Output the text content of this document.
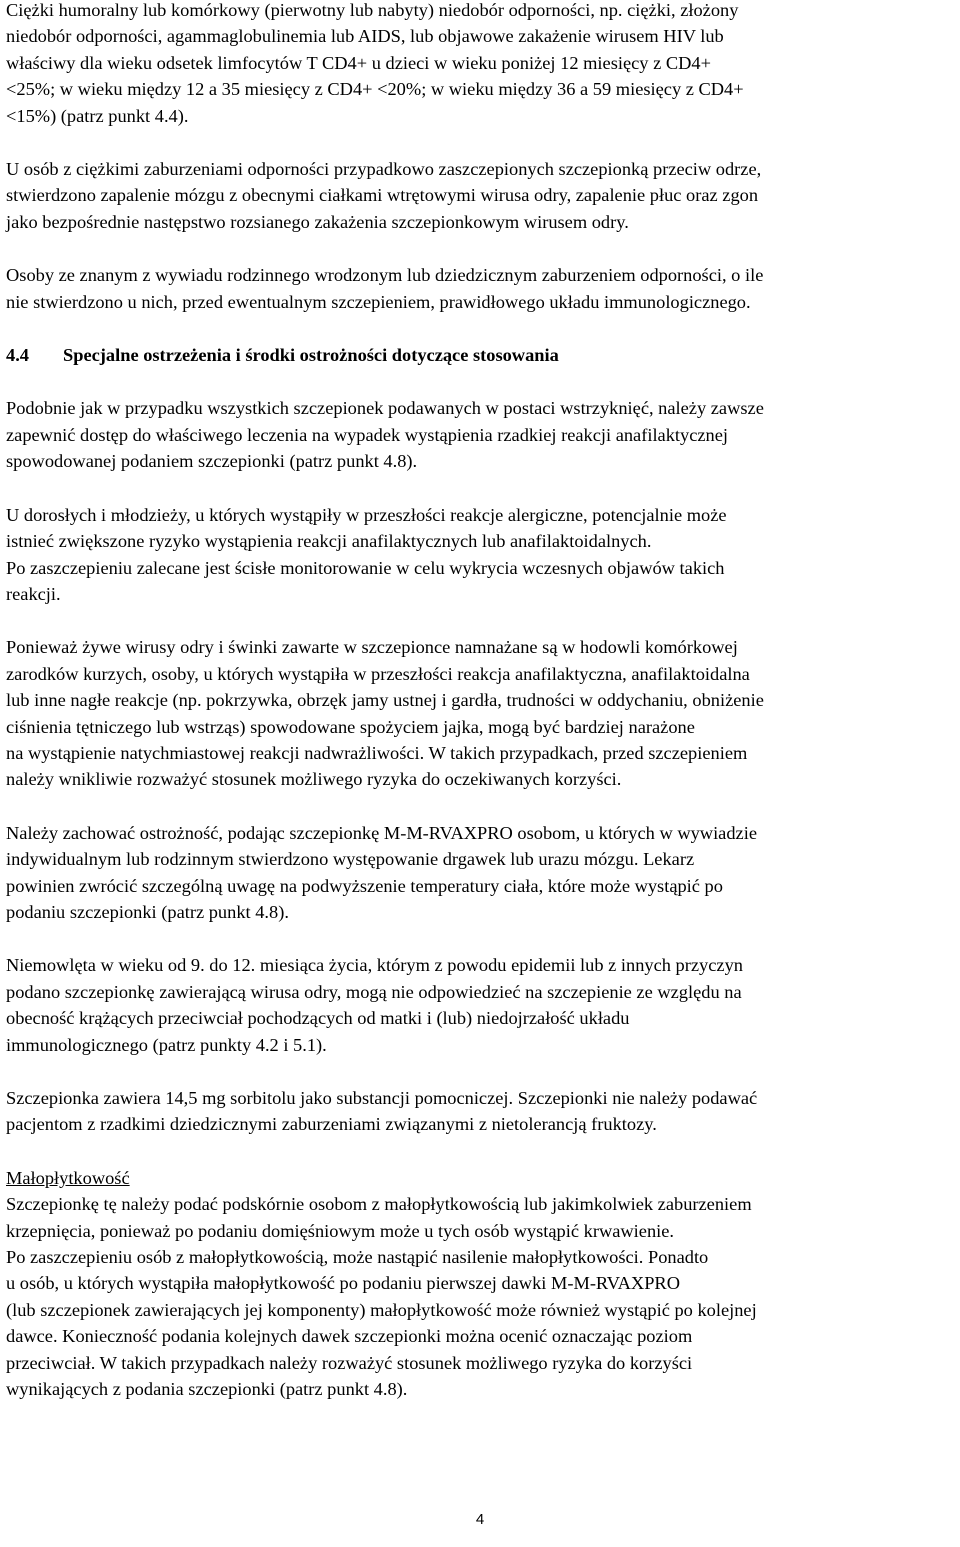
Ciężki humoralny lub komórkowy (pierwotny lub nabyty) niedobór odporności, np. ciężki, złożony
niedobór odporności, agammaglobulinemia lub AIDS, lub objawowe zakażenie wirusem HIV lub
właściwy dla wieku odsetek limfocytów T CD4+ u dzieci w wieku poniżej 12 miesięcy z CD4+
<25%; w wieku między 12 a 35 miesięcy z CD4+ <20%; w wieku między 36 a 59 miesięcy z CD4+
<15%) (patrz punkt 4.4).

U osób z ciężkimi zaburzeniami odporności przypadkowo zaszczepionych szczepionką przeciw odrze,
stwierdzono zapalenie mózgu z obecnymi ciałkami wtrętowymi wirusa odry, zapalenie płuc oraz zgon
jako bezpośrednie następstwo rozsianego zakażenia szczepionkowym wirusem odry.

Osoby ze znanym z wywiadu rodzinnego wrodzonym lub dziedzicznym zaburzeniem odporności, o ile
nie stwierdzono u nich, przed ewentualnym szczepieniem, prawidłowego układu immunologicznego.

4.4 Specjalne ostrzeżenia i środki ostrożności dotyczące stosowania

Podobnie jak w przypadku wszystkich szczepionek podawanych w postaci wstrzyknięć, należy zawsze
zapewnić dostęp do właściwego leczenia na wypadek wystąpienia rzadkiej reakcji anafilaktycznej
spowodowanej podaniem szczepionki (patrz punkt 4.8).

U dorosłych i młodzieży, u których wystąpiły w przeszłości reakcje alergiczne, potencjalnie może
istnieć zwiększone ryzyko wystąpienia reakcji anafilaktycznych lub anafilaktoidalnych.
Po zaszczepieniu zalecane jest ścisłe monitorowanie w celu wykrycia wczesnych objawów takich
reakcji.

Ponieważ żywe wirusy odry i świnki zawarte w szczepionce namnażane są w hodowli komórkowej
zarodków kurzych, osoby, u których wystąpiła w przeszłości reakcja anafilaktyczna, anafilaktoidalna
lub inne nagłe reakcje (np. pokrzywka, obrzęk jamy ustnej i gardła, trudności w oddychaniu, obniżenie
ciśnienia tętniczego lub wstrząs) spowodowane spożyciem jajka, mogą być bardziej narażone
na wystąpienie natychmiastowej reakcji nadwrażliwości. W takich przypadkach, przed szczepieniem
należy wnikliwie rozważyć stosunek możliwego ryzyka do oczekiwanych korzyści.

Należy zachować ostrożność, podając szczepionkę M-M-RVAXPRO osobom, u których w wywiadzie
indywidualnym lub rodzinnym stwierdzono występowanie drgawek lub urazu mózgu. Lekarz
powinien zwrócić szczególną uwagę na podwyższenie temperatury ciała, które może wystąpić po
podaniu szczepionki (patrz punkt 4.8).

Niemowlęta w wieku od 9. do 12. miesiąca życia, którym z powodu epidemii lub z innych przyczyn
podano szczepionkę zawierającą wirusa odry, mogą nie odpowiedzieć na szczepienie ze względu na
obecność krążących przeciwciał pochodzących od matki i (lub) niedojrzałość układu
immunologicznego (patrz punkty 4.2 i 5.1).

Szczepionka zawiera 14,5 mg sorbitolu jako substancji pomocniczej. Szczepionki nie należy podawać
pacjentom z rzadkimi dziedzicznymi zaburzeniami związanymi z nietolerancją fruktozy.

Małopłytkowość

Szczepionkę tę należy podać podskórnie osobom z małopłytkowością lub jakimkolwiek zaburzeniem
krzepnięcia, ponieważ po podaniu domięśniowym może u tych osób wystąpić krwawienie.
Po zaszczepieniu osób z małopłytkowością, może nastąpić nasilenie małopłytkowości. Ponadto
u osób, u których wystąpiła małopłytkowość po podaniu pierwszej dawki M-M-RVAXPRO
(lub szczepionek zawierających jej komponenty) małopłytkowość może również wystąpić po kolejnej
dawce. Konieczność podania kolejnych dawek szczepionki można ocenić oznaczając poziom
przeciwciał. W takich przypadkach należy rozważyć stosunek możliwego ryzyka do korzyści
wynikających z podania szczepionki (patrz punkt 4.8).

4
